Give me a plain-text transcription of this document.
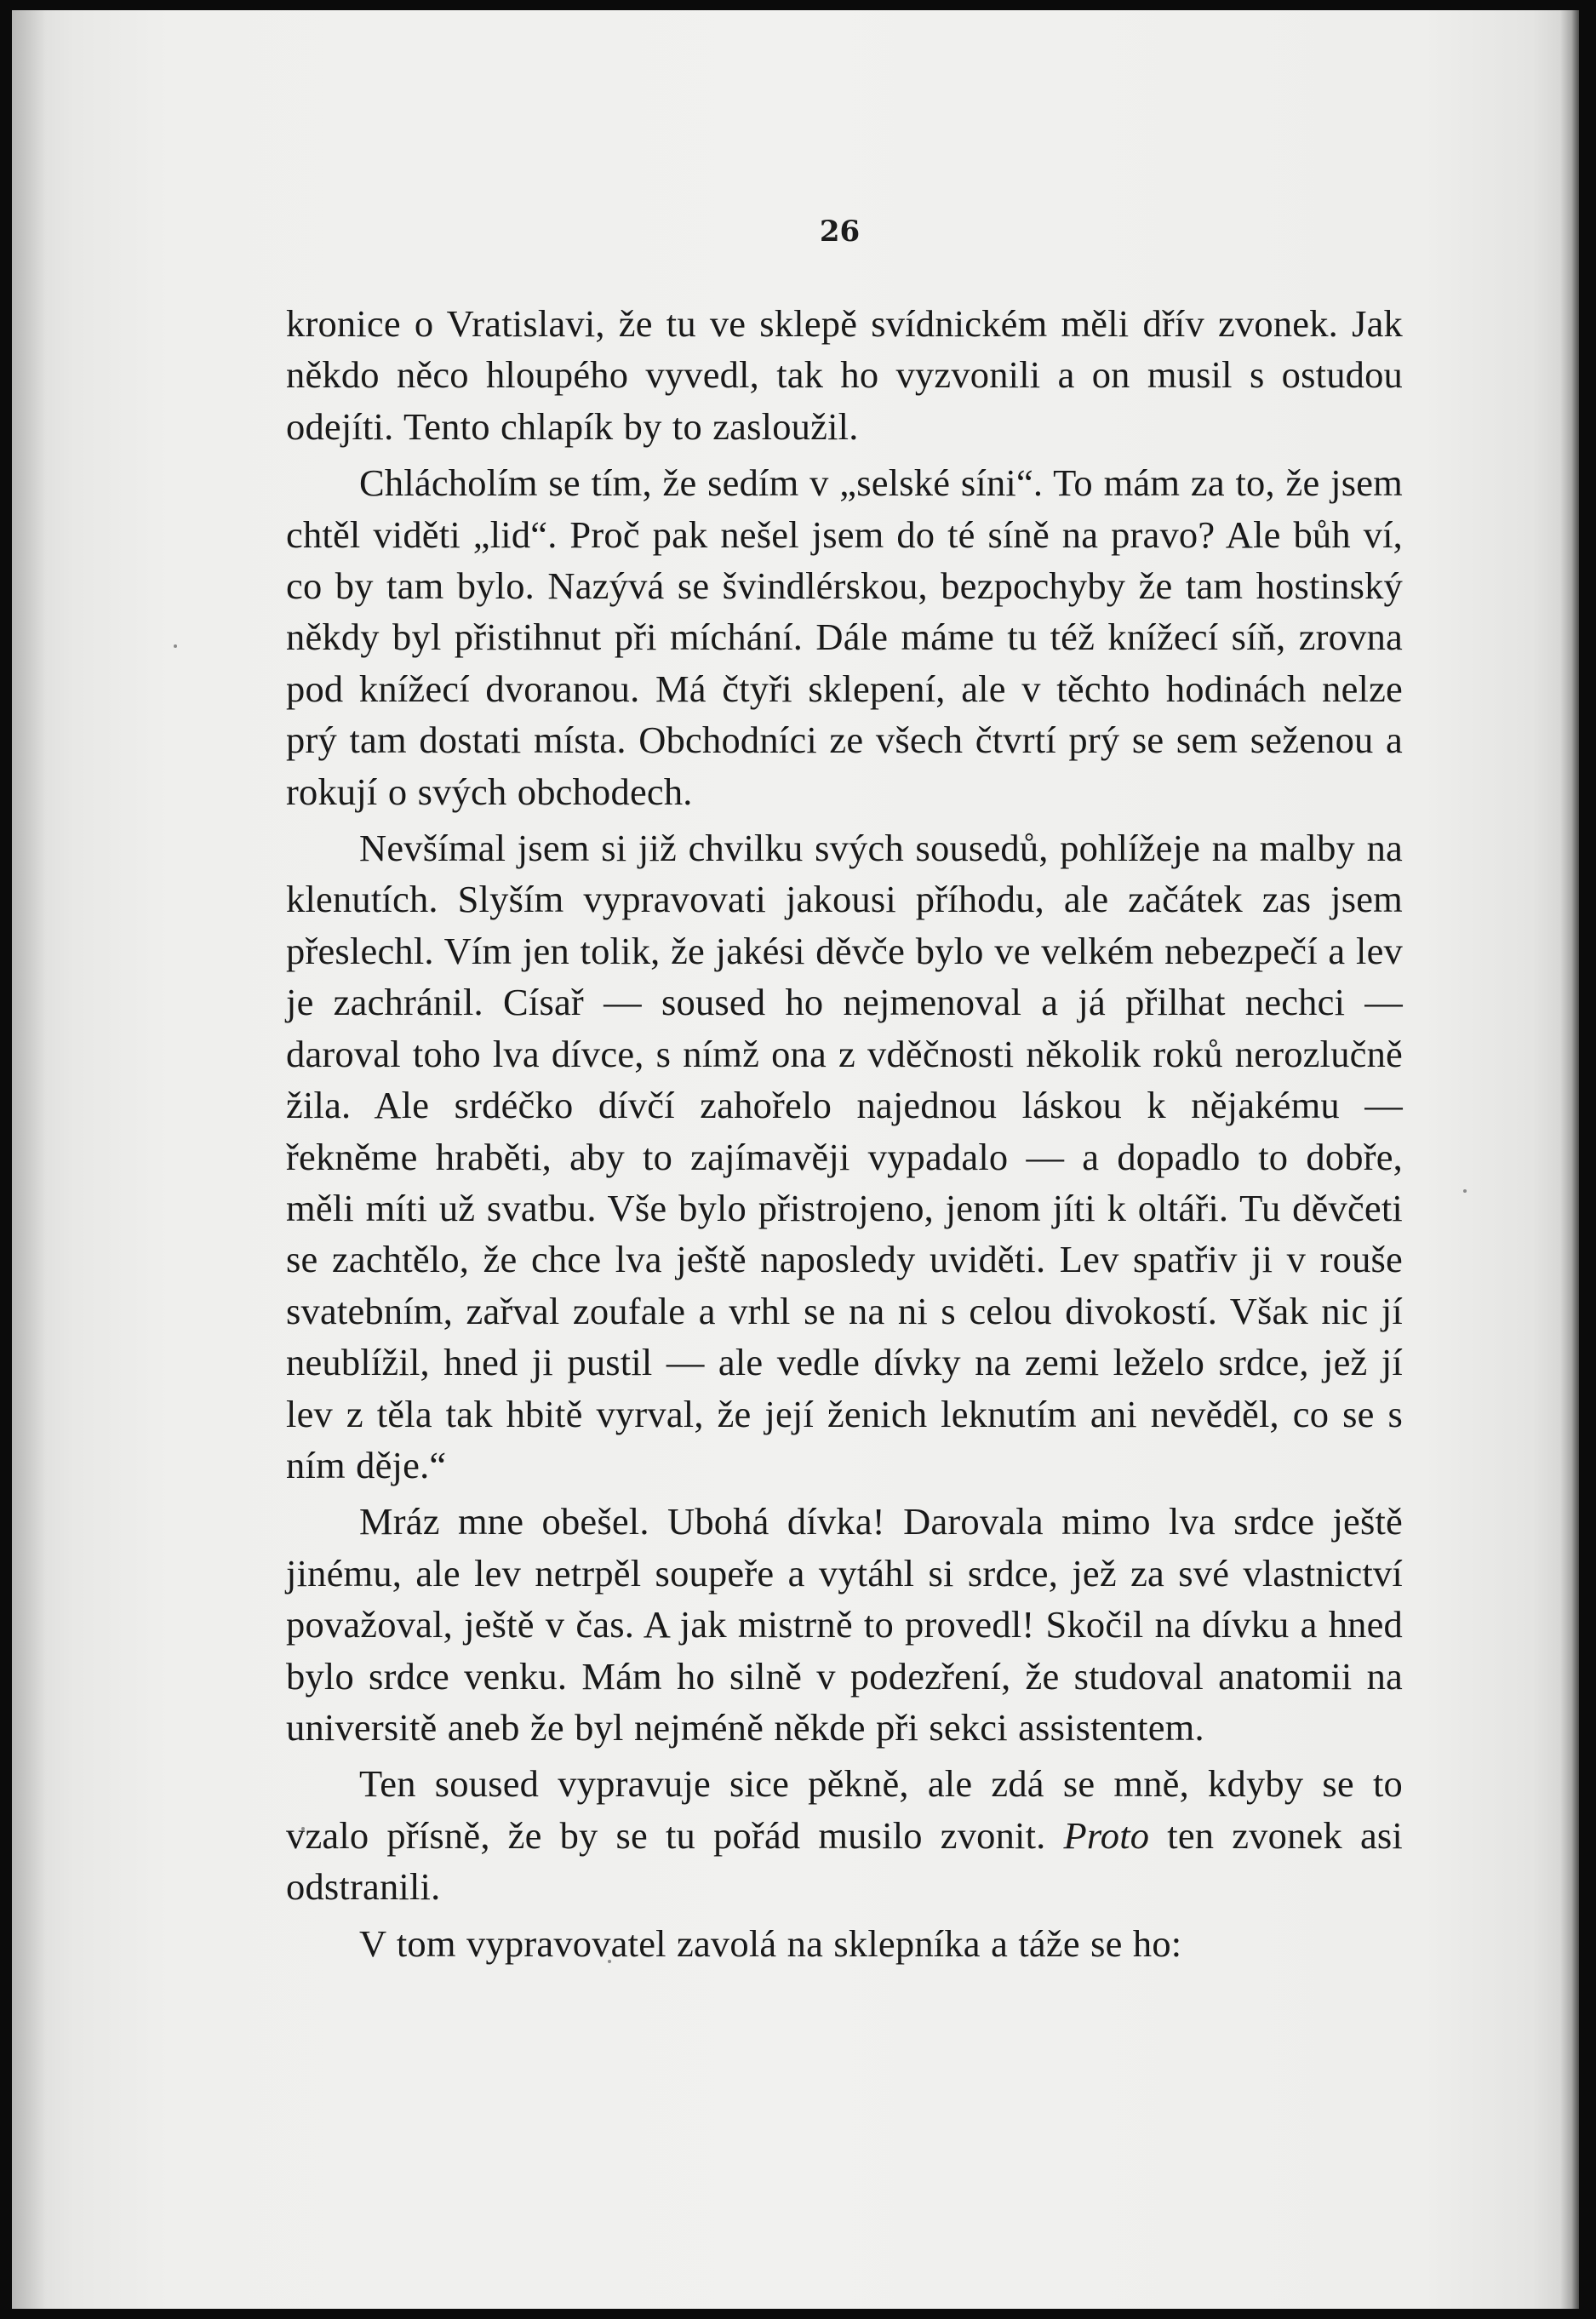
26

kronice o Vratislavi, že tu ve sklepě svídnickém měli dřív zvonek. Jak někdo něco hloupého vyvedl, tak ho vyzvonili a on musil s ostudou odejíti. Tento chlapík by to zasloužil.

Chlácholím se tím, že sedím v „selské síni“. To mám za to, že jsem chtěl viděti „lid“. Proč pak nešel jsem do té síně na pravo? Ale bůh ví, co by tam bylo. Nazývá se švindlérskou, bezpochyby že tam hostinský někdy byl přistihnut při míchání. Dále máme tu též knížecí síň, zrovna pod knížecí dvoranou. Má čtyři sklepení, ale v těchto hodinách nelze prý tam dostati místa. Obchodníci ze všech čtvrtí prý se sem seženou a rokují o svých obchodech.

Nevšímal jsem si již chvilku svých sousedů, pohlížeje na malby na klenutích. Slyším vypravovati jakousi příhodu, ale začátek zas jsem přeslechl. Vím jen tolik, že jakési děvče bylo ve velkém nebezpečí a lev je zachránil. Císař — soused ho nejmenoval a já přilhat nechci — daroval toho lva dívce, s nímž ona z vděčnosti několik roků nerozlučně žila. Ale srdéčko dívčí zahořelo najednou láskou k nějakému — řekněme hraběti, aby to zajímavěji vypadalo — a dopadlo to dobře, měli míti už svatbu. Vše bylo přistrojeno, jenom jíti k oltáři. Tu děvčeti se zachtělo, že chce lva ještě naposledy uviděti. Lev spatřiv ji v rouše svatebním, zařval zoufale a vrhl se na ni s celou divokostí. Však nic jí neublížil, hned ji pustil — ale vedle dívky na zemi leželo srdce, jež jí lev z těla tak hbitě vyrval, že její ženich leknutím ani nevěděl, co se s ním děje.“

Mráz mne obešel. Ubohá dívka! Darovala mimo lva srdce ještě jinému, ale lev netrpěl soupeře a vytáhl si srdce, jež za své vlastnictví považoval, ještě v čas. A jak mistrně to provedl! Skočil na dívku a hned bylo srdce venku. Mám ho silně v podezření, že studoval anatomii na universitě aneb že byl nejméně někde při sekci assistentem.

Ten soused vypravuje sice pěkně, ale zdá se mně, kdyby se to vzalo přísně, že by se tu pořád musilo zvonit. Proto ten zvonek asi odstranili.

V tom vypravovatel zavolá na sklepníka a táže se ho:
